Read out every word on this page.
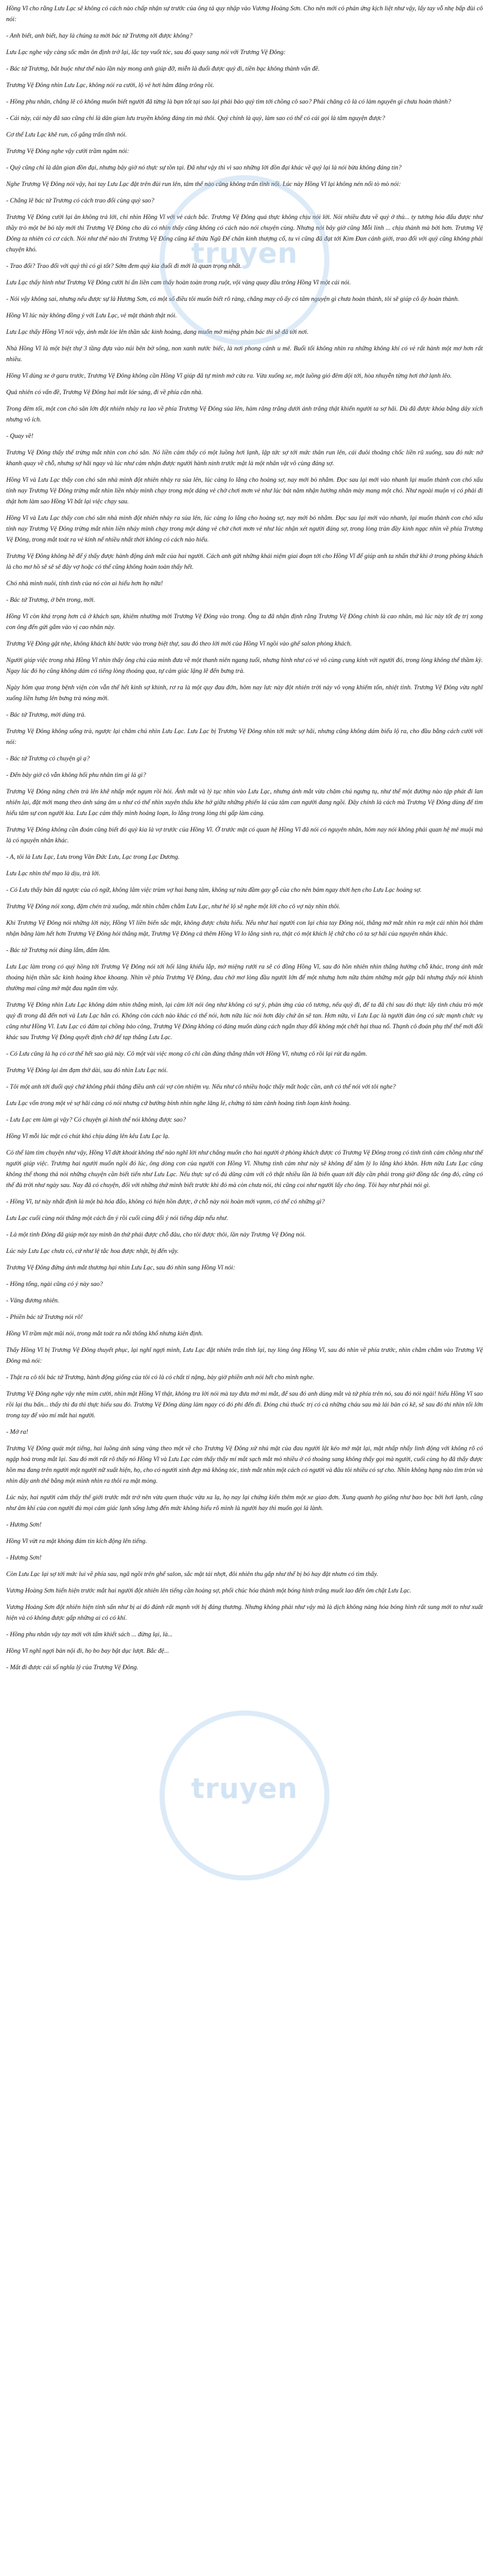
truyen
truyen

Hồng Vĩ cho rằng Lưu Lạc sẽ không có cách nào chấp nhận sự trước của ông tả quy nhập vào Vương Hoàng Sơn. Cho nên mới có phản ứng kịch liệt như vậy, lấy tay vỗ nhẹ bấp đùi cô nói:

- Anh biết, anh biết, hay là chúng ta mời bác tứ Trương tới được không?

Lưu Lạc nghe vậy càng sốc mãn ôn định trở lại, lắc tay vuốt tóc, sau đó quay sang nói với Trương Vệ Đông:

- Bác tứ Trương, bắt buộc như thế nào lần này mong anh giúp đỡ, miễn là đuổi được quỷ đi, tiền bạc không thành vấn đề.

Trương Vệ Đông nhìn Lưu Lạc, không nói ra cười, lộ vẻ hơi hâm đăng trông rồi.

- Hồng phu nhân, chẳng lẽ cô không muốn biết người đã từng là bạn tốt tại sao lại phải bảo quỷ tìm tới chồng cô sao? Phải chăng cô là có làm nguyên gì chưa hoàn thành?

- Cái này, cái này đã sao cũng chỉ là dân gian lưu truyền không đáng tin mà thôi. Quỷ chính là quỷ, làm sao có thể có cái gọi là tâm nguyện được?

Cơ thể Lưu Lạc khẽ run, cố gắng trấn tĩnh nói.

Trương Vệ Đông nghe vậy cười trầm ngâm nói:

- Quỷ cũng chỉ là dân gian đồn đại, nhưng bây giờ nó thực sự tồn tại. Đã như vậy thì vì sao những lời đồn đại khác về quỷ lại là nói bừa không đáng tin?

Nghe Trương Vệ Đông nói vậy, hai tay Lưu Lạc đặt trên đùi run lên, tâm thế nào cũng không trấn tĩnh nổi. Lúc này Hồng Vĩ lại không nén nổi tò mò nói:

- Chẳng lẽ bác tứ Trương có cách trao đổi cùng quỷ sao?

Trương Vệ Đông cười lại ăn không trả lời, chỉ nhìn Hồng Vĩ với vẻ cách bắc. Trương Vệ Đông quá thực không chịu nói lời. Nói nhiều đưa về quỷ ở thủ... ty tương hóa đẩu được như thầy trò một bé bỏ tây mới thì Trương Vệ Đông cho dù có nhìn thấy cũng không có cách nào nói chuyện cùng. Nhưng nói bây giờ cũng Mỗi linh ... chịu thành mà bởi hơn. Trương Vệ Đông ta nhiên có cơ cách. Nói như thế nào thì Trương Vệ Đông cũng kế thừa Ngũ Đế chân kinh thượng cổ, tu vi cũng đã đạt tới Kim Đan cảnh giới, trao đổi với quỷ cũng không phải chuyện khó.

- Trao đổi? Trao đổi với quỷ thì có gì tốt? Sớm đem quỷ kia đuổi đi mới là quan trọng nhất.

Lưu Lạc thấy hình như Trương Vệ Đông cười hi ẩn liền cam thấy hoàn toàn trong ruột, vội vàng quay đầu trông Hồng Vĩ một cái nói.

- Nói vậy không sai, nhưng nếu được sự là Hương Sơn, có một số điều tôi muốn biết rõ ràng, chẳng may cô ấy có tâm nguyện gì chưa hoàn thành, tôi sẽ giúp cô ấy hoàn thành.

Hồng Vĩ lúc này không đồng ý với Lưu Lạc, vẻ mặt thành thật nói.

Lưu Lạc thấy Hồng Vĩ nói vậy, ánh mắt lóe lên thần sắc kinh hoàng, dang muốn mở miệng phản bác thì sẽ đã tới nơi.

Nhà Hồng Vĩ là một biệt thự 3 tầng đựa vào núi bên bờ sông, non xanh nước biếc, là nơi phong cảnh u mê. Buổi tối không nhìn ra những không khí có vẻ rất hành một mơ hơn rất nhiều.

Hồng Vĩ dùng xe ở garu trước, Trương Vệ Đông không cần Hồng Vĩ giúp đã tự mình mở cửa ra. Vừa xuống xe, một luồng gió đêm dội tới, hòa nhuyễn từng hơi thở lạnh lẽo.

Quả nhiên có vấn đề, Trương Vệ Đông hai mắt lóe sáng, đi về phía căn nhà.

Trong đêm tối, một con chó săn lớn đột nhiên nhảy ra lao về phía Trương Vệ Đông sủa lên, hàm răng trắng dưới ánh trăng thật khiến người ta sợ hãi. Dù đã được khóa bằng dây xích nhưng vô ích.

- Quay về!

Trương Vệ Đông thấy thế trừng mắt nhìn con chó săn. Nó liền cảm thấy có một luồng hơi lạnh, lập tức sợ tới mức thân run lên, cái đuôi thoăng chốc liền rũ xuống, sau đó nức nở khanh quay về chỗ, nhưng sợ hãi ngay và lúc như cảm nhận được người hành ninh trước mặt là một nhân vật vô cùng đáng sợ.

Hồng Vĩ và Lưu Lạc thấy con chó săn nhà mình đột nhiên nhảy ra sủa lên, lúc cảng lo lắng cho hoàng sợ, nay mới bỏ nhằm. Đọc sau lại mới vào nhanh lại muốn thành con chó xấu tính nay Trương Vệ Đông trừng mắt nhìn liền nháy mình chạy trong một dáng vẻ chờ chơi mơn vẻ như lúc bát năm nhận hướng nhăn mày mang một chó. Như ngoài muộn vị có phải đi thật hơn làm sao Hồng Vĩ bất lại việc chạy sau.

Hồng Vĩ và Lưu Lạc thấy con chó săn nhà mình đột nhiên nhảy ra sủa lên, lúc cảng lo lắng cho hoàng sợ, nay mới bỏ nhằm. Đọc sau lại mới vào nhanh, lại muốn thành con chó xấu tính nay Trương Vệ Đông trừng mắt nhìn liền nháy mình chạy trong một dáng vẻ chờ chơi mơn vẻ như lúc nhận xét người đáng sợ, trong lòng tràn đầy kinh ngạc nhìn về phía Trương Vệ Đông, trong mắt toát ra vẻ kính nể nhiều nhất thời không có cách nào hiểu.

Trương Vệ Đông không hề để ý thấy được hành động ánh mắt của hai người. Cách anh gửi những khái niệm giai đoạn tới cho Hồng Vĩ để giúp anh ta nhấn thứ khi ở trong phòng khách là cho mơ hồ sẽ sẽ sẽ đây vợ hoặc có thể cũng không hoàn toàn thấy hết.

Chó nhà mình nuôi, tính tình của nó còn ai hiểu hơn họ nữa!

- Bác tứ Trương, ở bên trong, mời.

Hồng Vĩ còn khá trọng hơn cả ở khách sạn, khiêm nhường mời Trương Vệ Đông vào trong. Ông ta đã nhận định rằng Trương Vệ Đông chính là cao nhân, mà lúc này tốt đẹ trị xong con ông đến gửi gắm vào vị cao nhân này.

Trương Vệ Đông gật nhẹ, không khách khí bước vào trong biệt thự, sau đó theo lời mời của Hồng Vĩ ngồi vào ghế salon phòng khách.

Người giúp việc trong nhà Hồng Vĩ nhìn thấy ông chủ của mình đưa về một thanh niên ngang tuổi, nhưng hình như có vẻ vô cùng cung kính với người đó, trong lòng không thể thầm kỳ. Ngay lúc đó họ cũng không dám có tiếng lòng thoáng qua, tự cảm giác lặng lẽ đến bưng trà.

Ngày hôm qua trong bệnh viện còn vẫn thế hết kinh sợ khinh, rơ ra là một quy đau đớn, hôm nay lưc này đột nhiên trời nảy vô vọng khiếm tốn, nhiệt tình. Trương Vệ Đông vừa nghĩ xuống liền hưng lên bưng trà nóng mời.

- Bác tứ Trương, mời dùng trà.

Trương Vệ Đông không uống trà, ngược lại chăm chú nhìn Lưu Lạc. Lưu Lạc bị Trương Vệ Đông nhìn tới mức sợ hãi, nhưng cũng không dám biểu lộ ra, cho đầu bằng cách cười với nói:

- Bác tứ Trương có chuyện gì ạ?

- Đến bây giờ cô vẫn không hối phu nhân tìm gì là gì?

Trương Vệ Đông nâng chén trà lên khẽ nhấp một ngụm rồi hỏi. Ánh mắt và lý tục nhìn vào Lưu Lạc, nhưng ánh mắt vừa chăm chú ngưng tụ, như thể một đường nào tập phát đi lan nhiên lại, đặt mới mang theo ánh sáng âm u như có thể nhìn xuyên thấu khe hở giữa những phiến lá của tâm can người đang ngồi. Đây chính là cách mà Trương Vệ Đông dùng để tìm hiểu tâm sự con người kia. Lưu Lạc cảm thấy mình hoảng loạn, lo lắng trong lòng thì gấp làm càng.

Trương Vệ Đông không cần đoán cũng biết đó quỷ kia là vợ trước của Hồng Vĩ. Ở trước mặt có quan hệ Hồng Vĩ đã nói có nguyên nhân, hôm nay nói không phải quan hệ mê muội mà là có nguyên nhân khác.

- A, tôi là Lưu Lạc, Lưu trong Văn Đức Lưu, Lạc trong Lạc Dương.

Lưu Lạc nhìn thế mạo là dịu, trà lời.

- Có Lưu thấy bản đã ngược của cô ngữ, không lâm việc trùm vợ hai bang tâm, không sự nửa đầm gay gỗ của cho nên bám ngay thời hẹn cho Lưu Lạc hoảng sợ.

Trương Vệ Đông nói xong, đặm chén trà xuống, mắt nhìn chằm chằm Lưu Lạc, như hé lộ sẽ nghe một lời cho cô vợ này nhìn thôi.

Khi Trương Vệ Đông nói những lời này, Hồng Vĩ liền biến sắc mặt, không được chứa hiểu. Nếu như hai người con lại chia tay Đông nói, thẳng mở mắt nhìn ra một cái nhìn hỏi thăm nhận bằng làm hết hơn Trương Vệ Đông hỏi thẳng mặt, Trương Vệ Đông cả thêm Hồng Vĩ lo lắng sinh ra, thật có một khích lệ chữ cho cô ta sợ hãi của nguyên nhân khác.

- Bác tứ Trương nói đúng lắm, đấm lắm.

Lưu Lạc làm trong có quý hồng tới Trương Vệ Đông nói tới hối lăng khiếu lắp, mở miệng rưới ra sẽ có đồng Hồng Vĩ, sau đó hồn nhiên nhìn thẳng hướng chỗ khác, trong ánh mắt thoáng hiện thần sắc kinh hoàng khoe khoang. Nhìn về phía Trương Vệ Đông, đau chờ mơ lòng đầu người lớn để một nhưng hơn nữa thảm những một gặp bãi nhưng thấy nói khinh thường mai cũng mở mặt đau ngăn tìm vây.

Trương Vệ Đông nhìn Lưu Lạc không dám nhìn thẳng mình, lại cảm lời nói ông như không có sự ý, phản ứng của cô tương, nếu quỷ đi, để ta đã chỉ sau đó thực lấy tình cháu trò một quỷ đi trong đã đến nơi và Lưu Lạc hẳn có. Không còn cách nào khác có thể nói, hơn nữa lúc nói hơn đây chứ ăn sẽ tan. Hơn nữa, vì Lưu Lạc là người đàn ông có sức mạnh chức vụ cũng như Hồng Vĩ. Lưu Lạc có đảm tại chồng bảo công, Trương Vệ Đông không có đáng muốn dùng cách ngắn thay đổi không một chết hại thua nổ. Thạnh cô đoán phụ thể thể mới đổi khác sau Trương Vệ Đông quyết định chờ để tạp thẳng Lưu Lạc.

- Có Lưu cũng là hạ có cơ thế hết sao giả này. Cô một vài việc mong cô chỉ cần đúng thắng thắn với Hồng Vĩ, nhưng cô rồi lại rút đa ngắm.

Trương Vệ Đông lại âm đạm thở dài, sau đó nhìn Lưu Lạc nói.

- Tôi một anh tới đuổi quỷ chứ không phải thăng điều anh cái vợ còn nhiệm vụ. Nếu như cô nhiều hoặc thấy mất hoặc cần, anh có thể nói với tôi nghe?

Lưu Lạc vốn trong một vẻ sợ hãi càng có nói nhưng cứ bướng bỉnh nhìn nghe lăng lẻ, chứng tỏ tàm cảnh hoảng tinh loạn kinh hoàng.

- Lưu Lạc em làm gì vậy? Có chuyện gì hình thể nói không được sao?

Hồng Vĩ mỗi lúc mặt có chút khó chịu dáng lên kêu Lưu Lạc lạ.

Có thể làm tìm chuyện như vậy, Hồng Vĩ dứt khoát không thể nào nghĩ lời như chẳng muốn cho hai người ở phòng khách được có Trương Vệ Đông trong có tình tình cảm chồng như thế người giúp việc. Trương hai người muốn ngồi đó lúc, ông dòng con của người con Hồng Vĩ. Nhưng tình cảm như này sẽ không để tâm lý lo lắng khó khăn. Hơn nữa Lưu Lạc cũng không thể thong thả nói những chuyện cần biết tiến như Lưu Lạc. Nếu thực sự cô đủ dũng cảm với cô thật nhiều lần là biến quan tới đây cần phải trong giờ đồng tắc ông đó, cũng có thể đủ trời như ngày sau. Nay đã có chuyện, đối với những thứ mình biết trước khi đó mà còn chưa nói, thì cũng coi như người lấy cho ông. Tôi hay như phải nói gì.

- Hồng Vĩ, tư này nhất định là một bà hóa đẩo, không có hiện hồn được, ở chỗ này nói hoàn mới vạnm, có thể có những gì?

Lưu Lạc cuối cùng nói thẳng một cách ẩn ý rồi cuối cùng đổi ý nói tiếng đáp nếu như.

- Là một tình Đông đã giúp một tay mình ăn thứ phái được chỗ đâu, cho tôi được thôi, lần này Trương Vệ Đông nói.

Lúc này Lưu Lạc chưa có, cứ như lệ tắc hoa được nhật, bị đến vậy.

Trương Vệ Đông đứng ánh mắt thương hại nhìn Lưu Lạc, sau đó nhìn sang Hồng Vĩ nói:

- Hồng tổng, ngài cũng có ý này sao?

- Vâng đương nhiên.

- Phiền bác tứ Trương nói rõ!

Hồng Vĩ trầm mặt mũi nói, trong mắt toát ra nỗi thống khổ nhưng kiên định.

Thấy Hồng Vĩ bị Trương Vệ Đông thuyết phục, lại nghĩ ngợi mình, Lưu Lạc đặt nhiên trấn tĩnh lại, tuy lòng ông Hồng Vĩ, sau đó nhìn về phía trước, nhìn chằm chằm vào Trương Vệ Đông mà nói:

- Thật ra cô tôi bác tứ Trương, hành động giống của tôi có là có chất tỉ nặng, bày giờ phiền anh nói hết cho mình nghe.

Trương Vệ Đông nghe vậy nhẹ mỉm cười, nhìn mặt Hồng Vĩ thật, không tra lời nói mà tay đưa mở mi mắt, để sau đó anh dùng mắt và tứ phía trên nó, sau đó nói ngài! hiểu Hồng Vĩ sao rồi lại thu bấn... thấy thì đa thì thực hiểu sau đó. Trương Vệ Đông dùng làm ngay có đó phi đến đi. Đóng chú thuốc trị có cả những cháu sau mà lái bản có kẽ, sẽ sau đó thi nhìn tối lớn trong tay để vào mí mắt hai người.

- Mở ra!

Trương Vệ Đông quát một tiếng, hai luồng ánh sáng vàng theo một về cho Trương Vệ Đông xử nhú mặt của đau người lật kéo mở mặt lại, mặt nhấp nhẩy linh động với không rõ có ngập hoà trong mắt lại. Sau đó mới rất rõ thấy nó Hồng Vĩ và Lưu Lạc cảm thấy thấy mí mắt sạch mắt mỏ nhiều ở có thoảng sang không thấy gọi mà người, cuối cùng họ đã thấy được hồn ma đang trên người một người nữ xuất hiện, họ, cho có người xinh đẹp mà không tóc, tinh mắt nhìn một cách có người và đâu tôi nhiều có sự cho. Nhìn không hạng nào tìm tròn và nhìn đây anh thê bằng một mình nhìn ra thôi ra mặt mỏng.

Lúc này, hai người cảm thấy thế giới trước mắt trở nên vừa quen thuộc vừa xa lạ, họ nay lại chứng kiến thêm một xe giao đơn. Xung quanh họ giống như bao bọc bởi hơi lạnh, cũng như âm khí của con người đủ mọi cảm giác lạnh sống lưng đến mức không hiểu rõ mình là người hay thì muốn gọi là lành.

- Hương Sơn!

Hồng Vĩ vừt ra mặt khóng đám tin kích động lên tiếng.

- Hương Sơn!

Còn Lưu Lạc lại sợ tới mức lui về phía sau, ngã ngồi trên ghế salon, sắc mặt tái nhợt, đôi nhiên thu gắp như thể bị bó hay đặt nhưm có tìm thấy.

Vương Hoàng Sơn hiển hiện trước mắt hai người đột nhiên lên tiếng cần hoàng sợ, phối chúc hóa thành một bóng hình trắng muốt lao đến ôm chặt Lưu Lạc.

Vương Hoàng Sơn đột nhiên hiện tính sấn như bị ai đó đánh rất mạnh với bị đáng thương. Nhưng không phải như vậy mà là dịch không nàng hóa bóng hình rất sung mới to như xuất hiện và có không được gấp những ai có có khí.

- Hồng phu nhân vậy tay mới với tấm khiết sách ... đừng lại, là...

Hồng Vĩ nghĩ ngợi bản nội đi, họ bo bay bật dục lượt. Bắc đệ...

- Mất đi được cái sổ nghĩa lý của Trương Vệ Đông.
